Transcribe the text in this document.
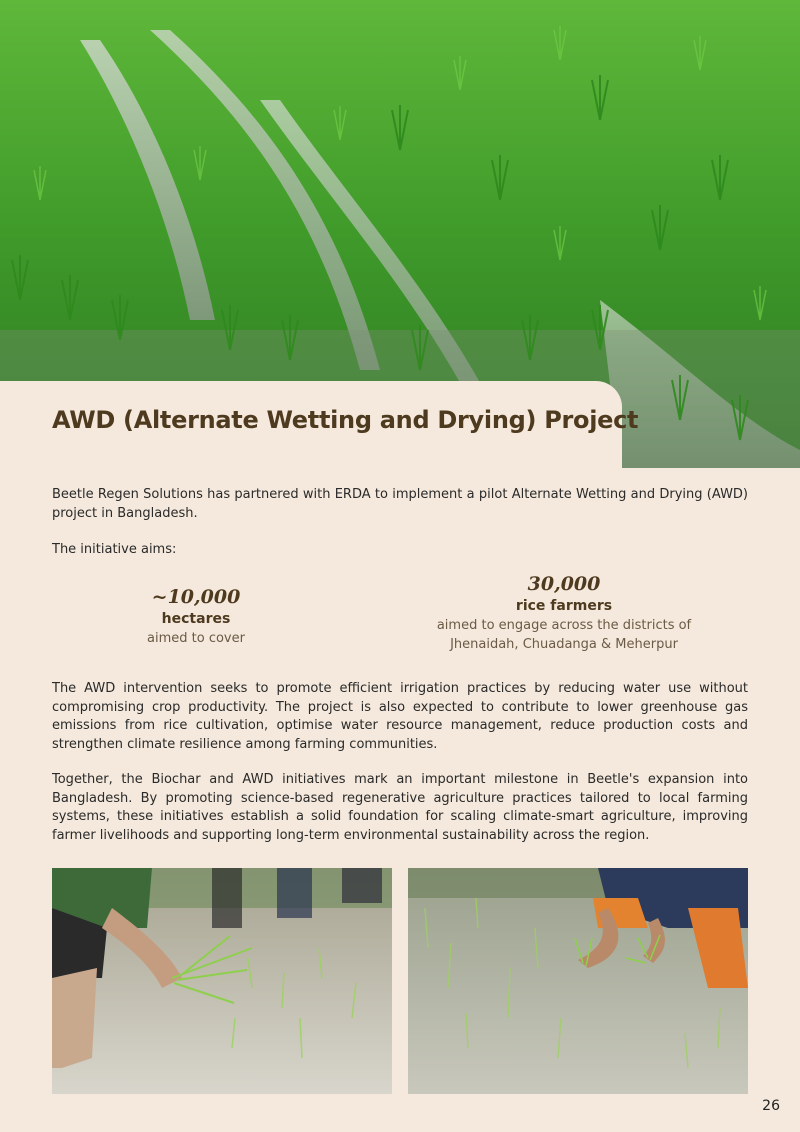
AWD (Alternate Wetting and Drying) Project

Beetle Regen Solutions has partnered with ERDA to implement a pilot Alternate Wetting and Drying (AWD) project in Bangladesh.

The initiative aims:

~10,000
hectares
aimed to cover
30,000
rice farmers
aimed to engage across the districts of
Jhenaidah, Chuadanga & Meherpur

The AWD intervention seeks to promote efficient irrigation practices by reducing water use without compromising crop productivity. The project is also expected to contribute to lower greenhouse gas emissions from rice cultivation, optimise water resource management, reduce production costs and strengthen climate resilience among farming communities.

Together, the Biochar and AWD initiatives mark an important milestone in Beetle's expansion into Bangladesh. By promoting science-based regenerative agriculture practices tailored to local farming systems, these initiatives establish a solid foundation for scaling climate-smart agriculture, improving farmer livelihoods and supporting long-term environmental sustainability across the region.

26
